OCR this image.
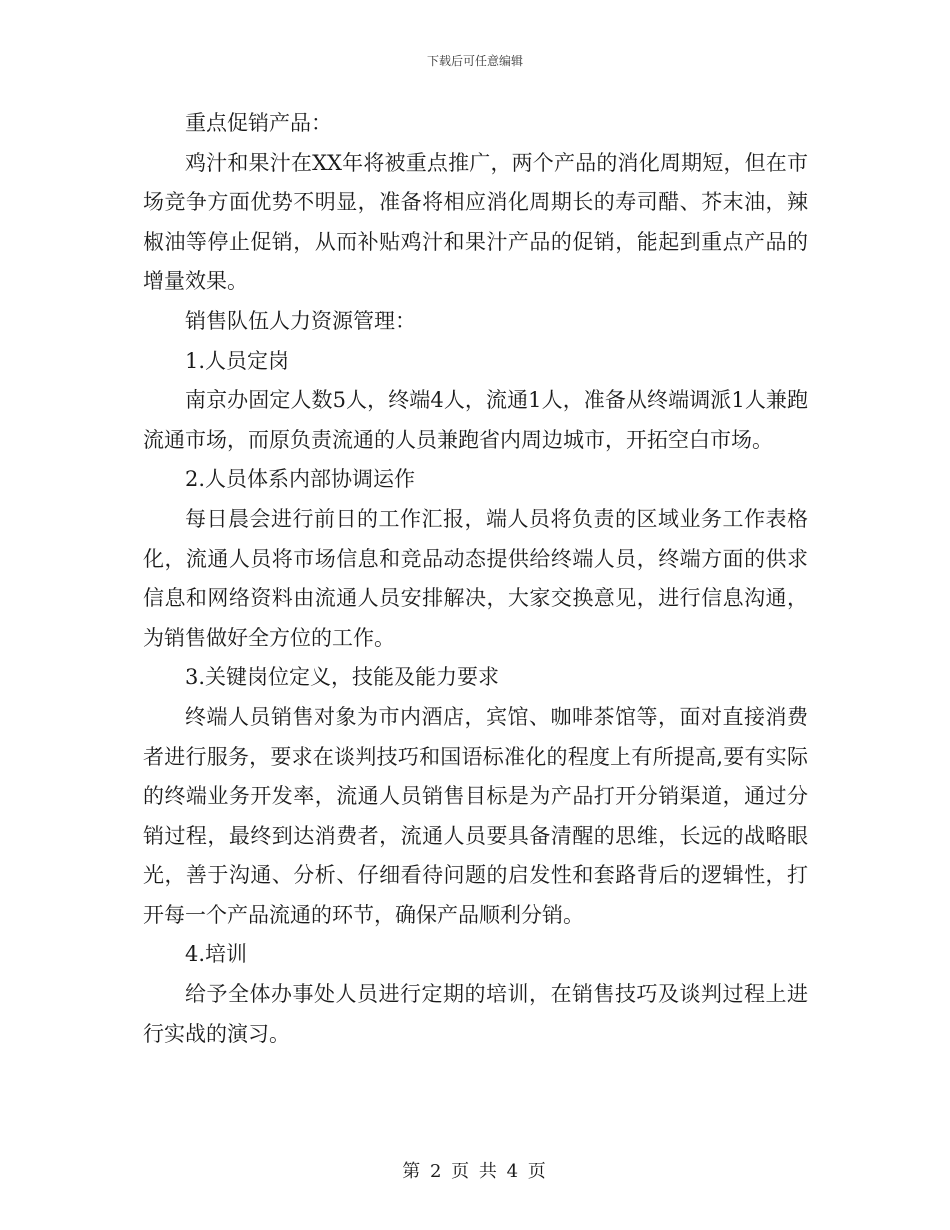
下载后可任意编辑

重点促销产品：

鸡汁和果汁在XX年将被重点推广，两个产品的消化周期短，但在市场竞争方面优势不明显，准备将相应消化周期长的寿司醋、芥末油，辣椒油等停止促销，从而补贴鸡汁和果汁产品的促销，能起到重点产品的增量效果。

销售队伍人力资源管理：

1.人员定岗

南京办固定人数5人，终端4人，流通1人，准备从终端调派1人兼跑流通市场，而原负责流通的人员兼跑省内周边城市，开拓空白市场。

2.人员体系内部协调运作

每日晨会进行前日的工作汇报，端人员将负责的区域业务工作表格化，流通人员将市场信息和竞品动态提供给终端人员，终端方面的供求信息和网络资料由流通人员安排解决，大家交换意见，进行信息沟通，为销售做好全方位的工作。

3.关键岗位定义，技能及能力要求

终端人员销售对象为市内酒店，宾馆、咖啡茶馆等，面对直接消费者进行服务，要求在谈判技巧和国语标准化的程度上有所提高,要有实际的终端业务开发率，流通人员销售目标是为产品打开分销渠道，通过分销过程，最终到达消费者，流通人员要具备清醒的思维，长远的战略眼光，善于沟通、分析、仔细看待问题的启发性和套路背后的逻辑性，打开每一个产品流通的环节，确保产品顺利分销。

4.培训

给予全体办事处人员进行定期的培训，在销售技巧及谈判过程上进行实战的演习。

第 2 页 共 4 页
